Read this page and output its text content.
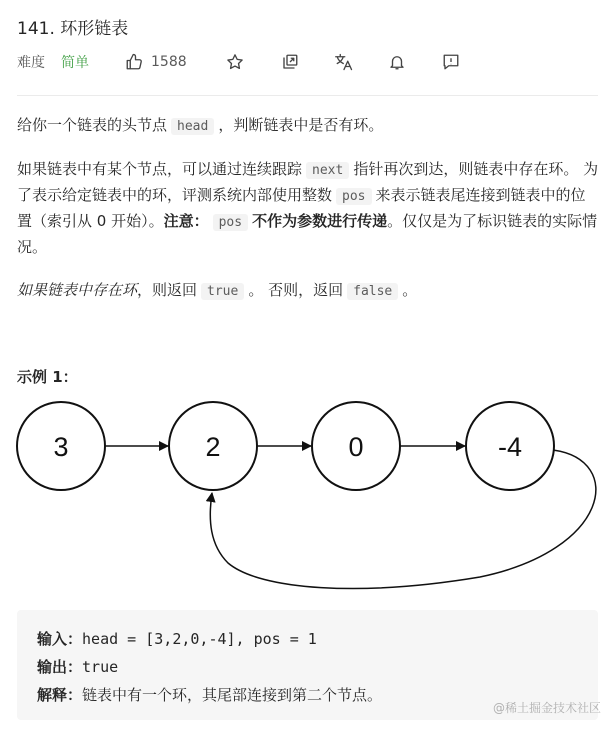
141. 环形链表
难度 简单	1588
给你一个链表的头节点 head ，判断链表中是否有环。
如果链表中有某个节点，可以通过连续跟踪 next 指针再次到达，则链表中存在环。 为了表示给定链表中的环，评测系统内部使用整数 pos 来表示链表尾连接到链表中的位置（索引从 0 开始）。注意： pos 不作为参数进行传递。仅仅是为了标识链表的实际情况。
如果链表中存在环，则返回 true 。 否则，返回 false 。
示例 1：
3	2	0	-4
输入：head = [3,2,0,-4], pos = 1
输出：true
解释：链表中有一个环，其尾部连接到第二个节点。
@稀土掘金技术社区
